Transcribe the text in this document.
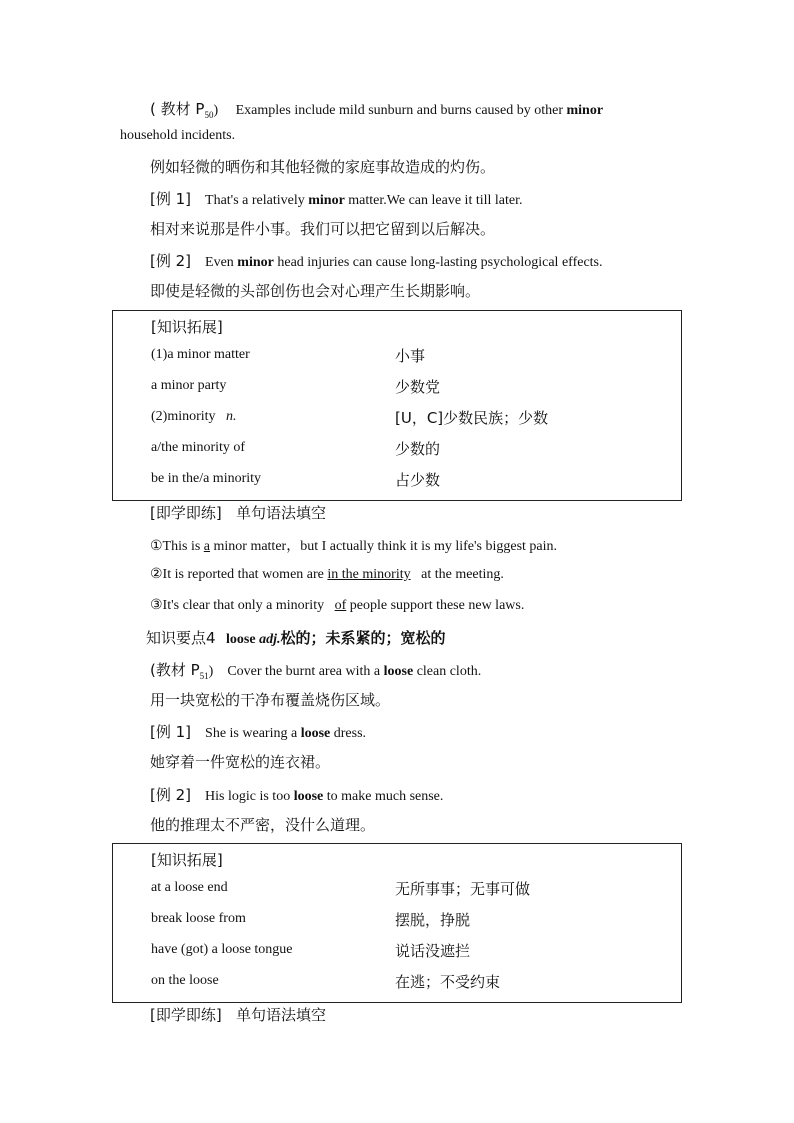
( 教材 $P_{50}$) Examples include mild sunburn and burns caused by other minor
household incidents.
例如轻微的晒伤和其他轻微的家庭事故造成的灼伤。
[例 1] That's a relatively minor matter.We can leave it till later.
相对来说那是件小事。我们可以把它留到以后解决。
[例 2] Even minor head injuries can cause long-lasting psychological effects.
即使是轻微的头部创伤也会对心理产生长期影响。
[知识拓展]
(1)a minor matter	小事
a minor party	少数党
(2)minority n.	[U，C]少数民族；少数
a/the minority of	少数的
be in the/a minority	占少数
[即学即练] 单句语法填空
①This is a minor matter，but I actually think it is my life's biggest pain.
②It is reported that women are in the minority at the meeting.
③It's clear that only a minority of people support these new laws.
知识要点4 loose adj.松的；未系紧的；宽松的
(教材 $P_{51}$) Cover the burnt area with a loose clean cloth.
用一块宽松的干净布覆盖烧伤区域。
[例 1] She is wearing a loose dress.
她穿着一件宽松的连衣裙。
[例 2] His logic is too loose to make much sense.
他的推理太不严密，没什么道理。
[知识拓展]
at a loose end	无所事事；无事可做
break loose from	摆脱，挣脱
have (got) a loose tongue	说话没遮拦
on the loose	在逃；不受约束
[即学即练] 单句语法填空
